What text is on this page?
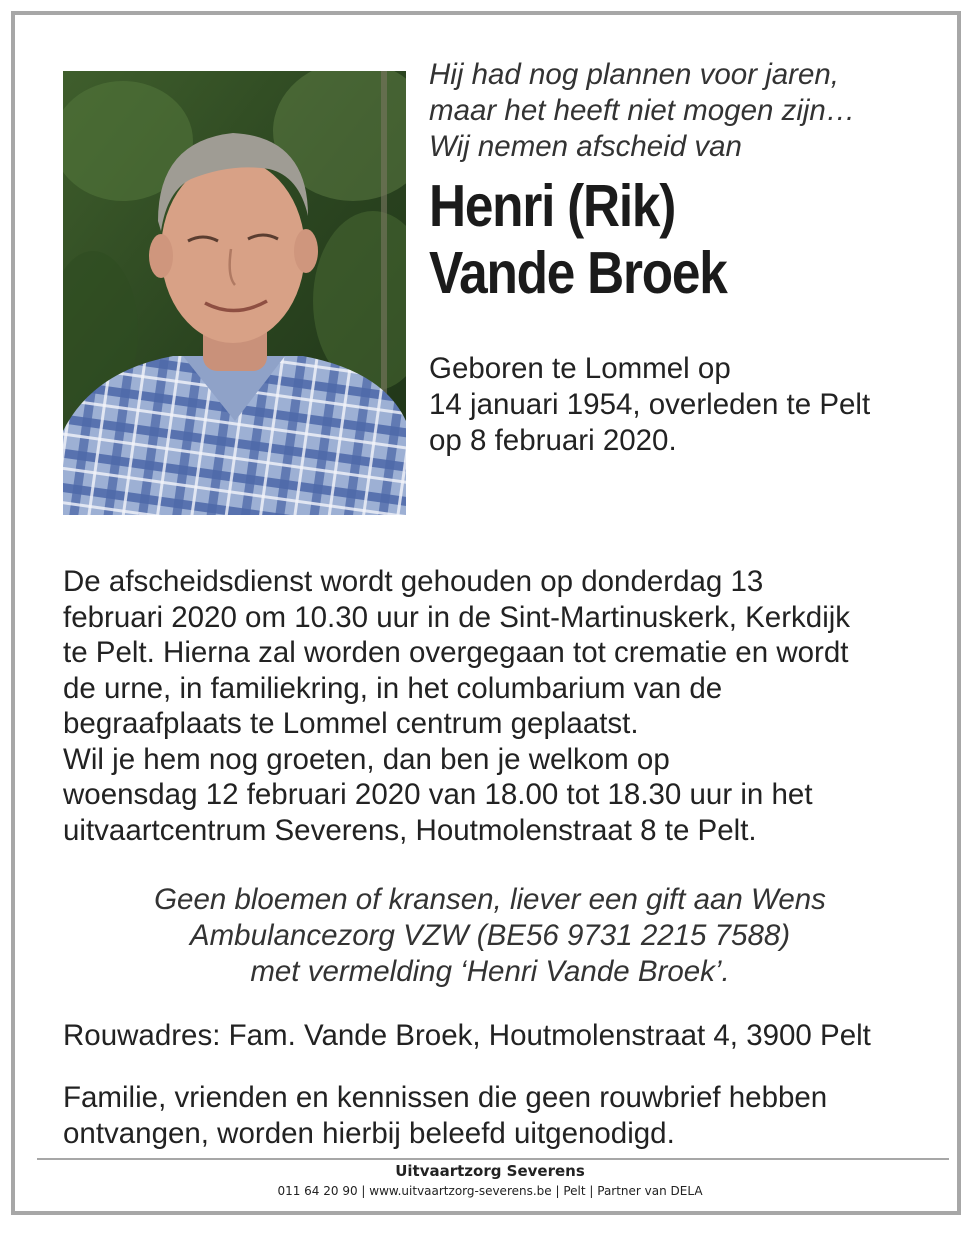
Hij had nog plannen voor jaren,
maar het heeft niet mogen zijn…
Wij nemen afscheid van
Henri (Rik)
Vande Broek
Geboren te Lommel op
14 januari 1954, overleden te Pelt
op 8 februari 2020.
De afscheidsdienst wordt gehouden op donderdag 13
februari 2020 om 10.30 uur in de Sint-Martinuskerk, Kerkdijk
te Pelt. Hierna zal worden overgegaan tot crematie en wordt
de urne, in familiekring, in het columbarium van de
begraafplaats te Lommel centrum geplaatst.
Wil je hem nog groeten, dan ben je welkom op
woensdag 12 februari 2020 van 18.00 tot 18.30 uur in het
uitvaartcentrum Severens, Houtmolenstraat 8 te Pelt.
Geen bloemen of kransen, liever een gift aan Wens
Ambulancezorg VZW (BE56 9731 2215 7588)
met vermelding ‘Henri Vande Broek’.
Rouwadres: Fam. Vande Broek, Houtmolenstraat 4, 3900 Pelt
Familie, vrienden en kennissen die geen rouwbrief hebben
ontvangen, worden hierbij beleefd uitgenodigd.
Uitvaartzorg Severens
011 64 20 90 | www.uitvaartzorg-severens.be | Pelt | Partner van DELA
